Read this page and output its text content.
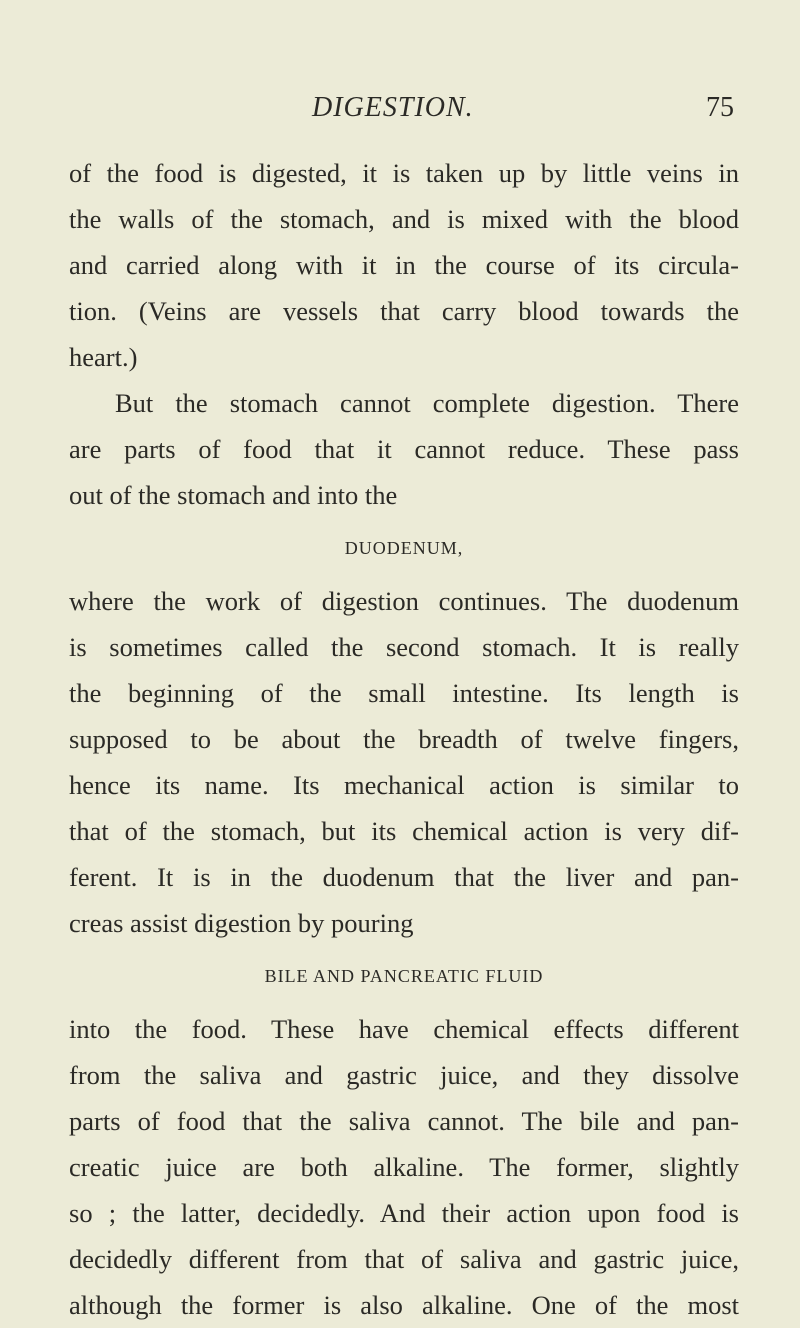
DIGESTION.	75
of the food is digested, it is taken up by little veins in
the walls of the stomach, and is mixed with the blood
and carried along with it in the course of its circula-
tion. (Veins are vessels that carry blood towards the
heart.)
But the stomach cannot complete digestion. There
are parts of food that it cannot reduce. These pass
out of the stomach and into the
DUODENUM,
where the work of digestion continues. The duodenum
is sometimes called the second stomach. It is really
the beginning of the small intestine. Its length is
supposed to be about the breadth of twelve fingers,
hence its name. Its mechanical action is similar to
that of the stomach, but its chemical action is very dif-
ferent. It is in the duodenum that the liver and pan-
creas assist digestion by pouring
BILE AND PANCREATIC FLUID
into the food. These have chemical effects different
from the saliva and gastric juice, and they dissolve
parts of food that the saliva cannot. The bile and pan-
creatic juice are both alkaline. The former, slightly
so ; the latter, decidedly. And their action upon food is
decidedly different from that of saliva and gastric juice,
although the former is also alkaline. One of the most
